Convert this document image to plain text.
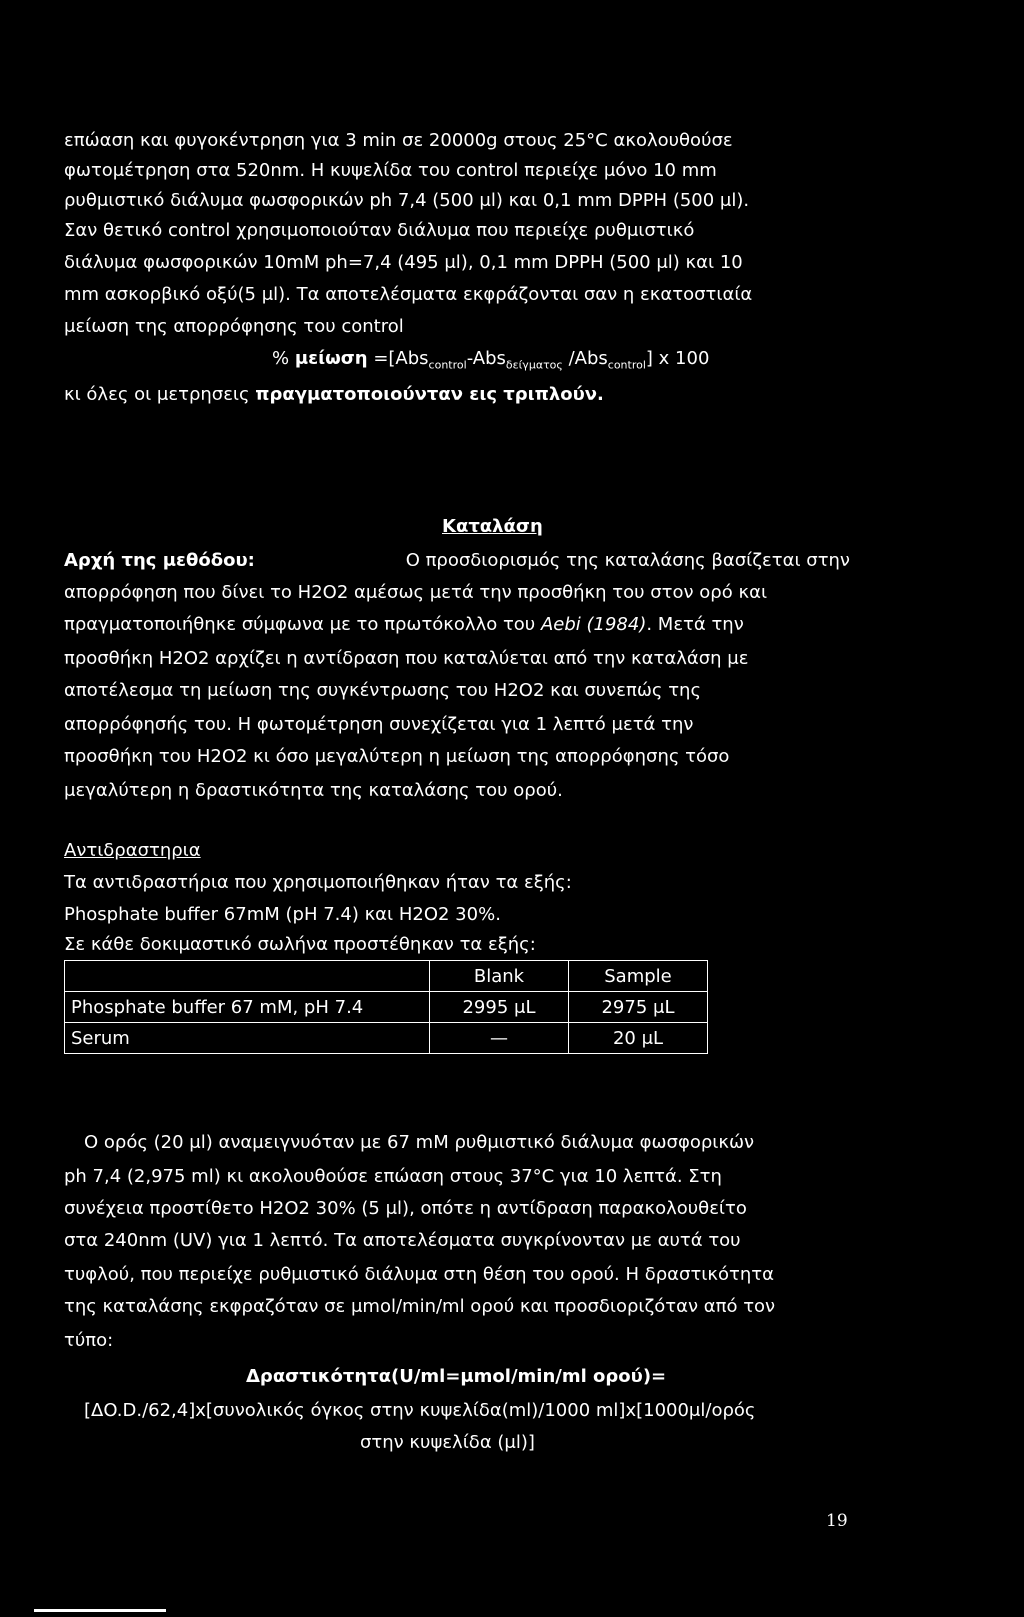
επώαση και φυγοκέντρηση για 3 min σε 20000g στους 25°C ακολουθούσε
φωτομέτρηση στα 520nm. Η κυψελίδα του control περιείχε μόνο 10 mm
ρυθμιστικό διάλυμα φωσφορικών ph 7,4 (500 μl) και 0,1 mm DPPH (500 μl).
Σαν θετικό control χρησιμοποιούταν διάλυμα που περιείχε ρυθμιστικό
διάλυμα φωσφορικών 10mM ph=7,4 (495 μl), 0,1 mm DPPH (500 μl) και 10
mm ασκορβικό οξύ(5 μl). Τα αποτελέσματα εκφράζονται σαν η εκατοστιαία
μείωση της απορρόφησης του control
% μείωση =[Abs$_{control}$-Abs$_{\delta\varepsilon ί\gamma\mu\alpha\tau o\varsigma}$ /Abs$_{control}$] x 100
κι όλες οι μετρησεις πραγματοποιούνταν εις τριπλούν.
Καταλάση
Αρχή της μεθόδου:	Ο προσδιορισμός της καταλάσης βασίζεται στην
απορρόφηση που δίνει το H2O2 αμέσως μετά την προσθήκη του στον ορό και
πραγματοποιήθηκε σύμφωνα με το πρωτόκολλο του Aebi (1984). Μετά την
προσθήκη H2O2 αρχίζει η αντίδραση που καταλύεται από την καταλάση με
αποτέλεσμα τη μείωση της συγκέντρωσης του H2O2 και συνεπώς της
απορρόφησής του. Η φωτομέτρηση συνεχίζεται για 1 λεπτό μετά την
προσθήκη του H2O2 κι όσο μεγαλύτερη η μείωση της απορρόφησης τόσο
μεγαλύτερη η δραστικότητα της καταλάσης του ορού.
Αντιδραστηρια
Τα αντιδραστήρια που χρησιμοποιήθηκαν ήταν τα εξής:
Phosphate buffer 67mM (pH 7.4) και H2O2 30%.
Σε κάθε δοκιμαστικό σωλήνα προστέθηκαν τα εξής:
	Blank	Sample
Phosphate buffer 67 mM, pH 7.4	2995 μL	2975 μL
Serum	—	20 μL
Ο ορός (20 μl) αναμειγνυόταν με 67 mM ρυθμιστικό διάλυμα φωσφορικών
ph 7,4 (2,975 ml) κι ακολουθούσε επώαση στους 37°C για 10 λεπτά. Στη
συνέχεια προστίθετο H2O2 30% (5 μl), οπότε η αντίδραση παρακολουθείτο
στα 240nm (UV) για 1 λεπτό. Τα αποτελέσματα συγκρίνονταν με αυτά του
τυφλού, που περιείχε ρυθμιστικό διάλυμα στη θέση του ορού. Η δραστικότητα
της καταλάσης εκφραζόταν σε μmol/min/ml ορού και προσδιοριζόταν από τον
τύπο:
Δραστικότητα(U/ml=μmol/min/ml ορού)=
[ΔO.D./62,4]x[συνολικός όγκος στην κυψελίδα(ml)/1000 ml]x[1000μl/ορός
στην κυψελίδα (μl)]
19
